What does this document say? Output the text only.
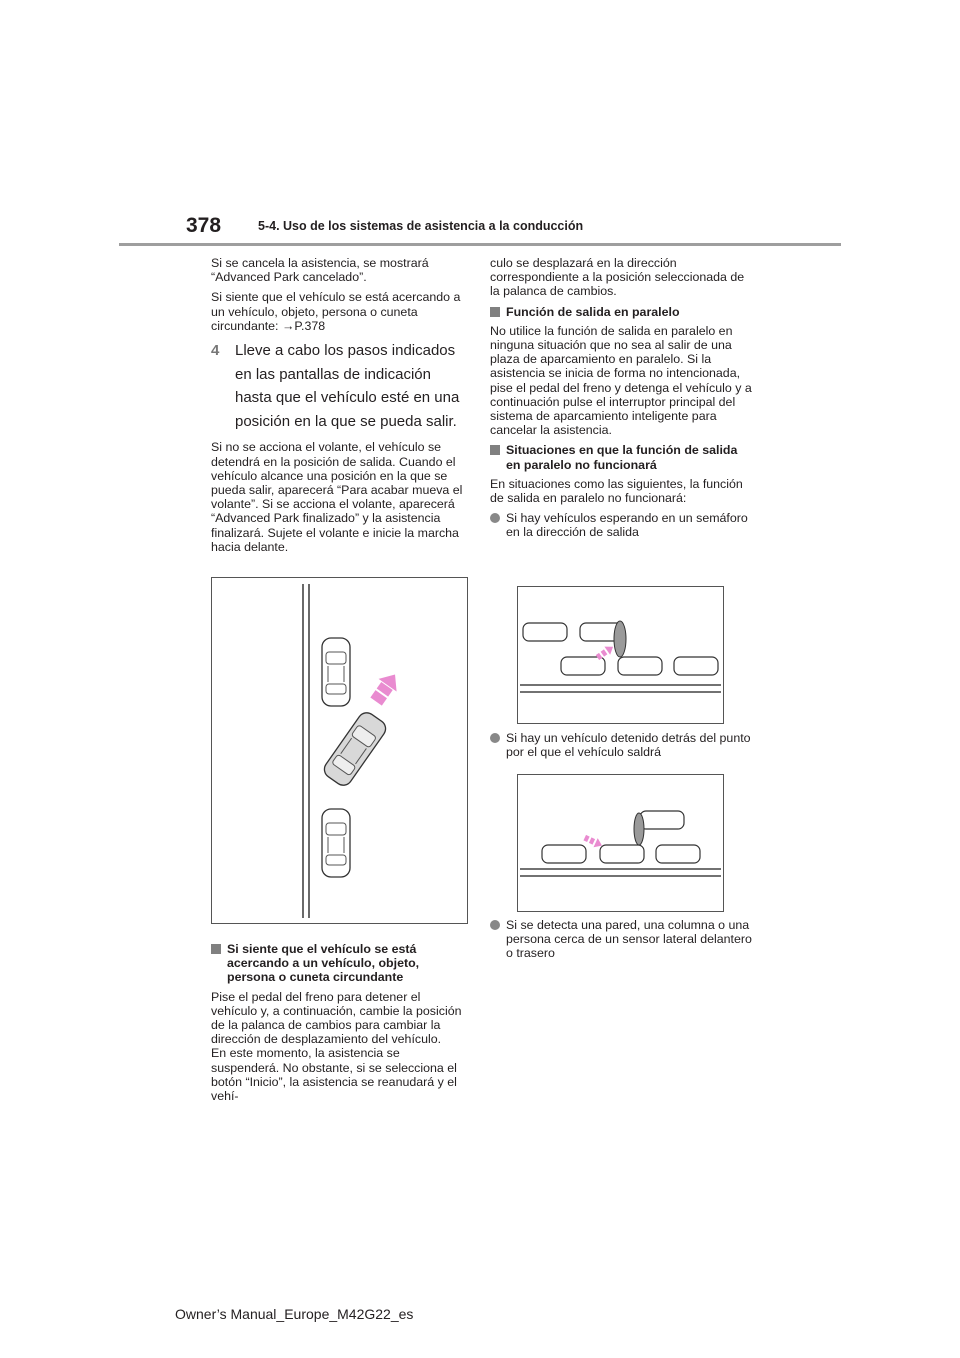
378	5-4. Uso de los sistemas de asistencia a la conducción

Si se cancela la asistencia, se mostrará “Advanced Park cancelado”.

Si siente que el vehículo se está acercando a un vehículo, objeto, persona o cuneta circundante: →P.378

4	Lleve a cabo los pasos indicados en las pantallas de indicación hasta que el vehículo esté en una posición en la que se pueda salir.

Si no se acciona el volante, el vehículo se detendrá en la posición de salida. Cuando el vehículo alcance una posición en la que se pueda salir, aparecerá “Para acabar mueva el volante”. Si se acciona el volante, aparecerá “Advanced Park finalizado” y la asistencia finalizará. Sujete el volante e inicie la marcha hacia delante.

Si siente que el vehículo se está acercando a un vehículo, objeto, persona o cuneta circundante

Pise el pedal del freno para detener el vehículo y, a continuación, cambie la posición de la palanca de cambios para cambiar la dirección de desplazamiento del vehículo.

En este momento, la asistencia se suspenderá. No obstante, si se selecciona el botón “Inicio”, la asistencia se reanudará y el vehí-

culo se desplazará en la dirección correspondiente a la posición seleccionada de la palanca de cambios.

Función de salida en paralelo

No utilice la función de salida en paralelo en ninguna situación que no sea al salir de una plaza de aparcamiento en paralelo. Si la asistencia se inicia de forma no intencionada, pise el pedal del freno y detenga el vehículo y a continuación pulse el interruptor principal del sistema de aparcamiento inteligente para cancelar la asistencia.

Situaciones en que la función de salida en paralelo no funcionará

En situaciones como las siguientes, la función de salida en paralelo no funcionará:

Si hay vehículos esperando en un semáforo en la dirección de salida
Si hay un vehículo detenido detrás del punto por el que el vehículo saldrá
Si se detecta una pared, una columna o una persona cerca de un sensor lateral delantero o trasero
Owner’s Manual_Europe_M42G22_es
